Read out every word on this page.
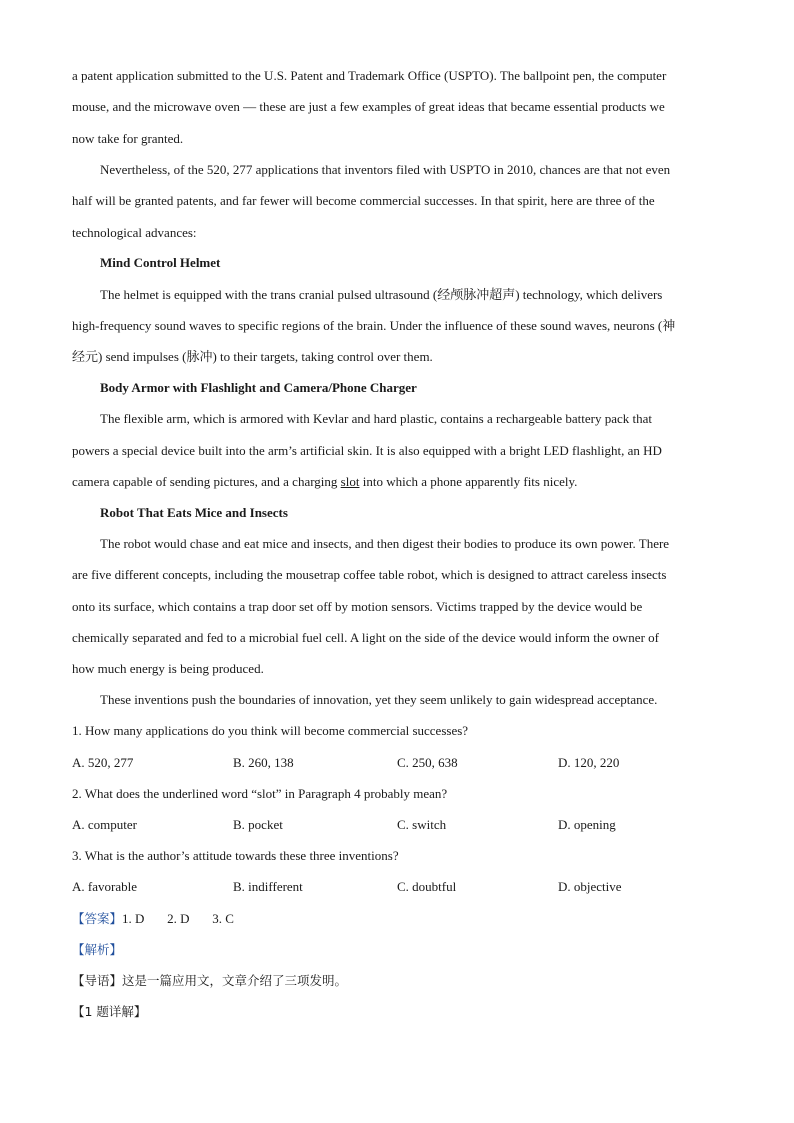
a patent application submitted to the U.S. Patent and Trademark Office (USPTO). The ballpoint pen, the computer
mouse, and the microwave oven — these are just a few examples of great ideas that became essential products we
now take for granted.
Nevertheless, of the 520, 277 applications that inventors filed with USPTO in 2010, chances are that not even
half will be granted patents, and far fewer will become commercial successes. In that spirit, here are three of the
technological advances:
Mind Control Helmet
The helmet is equipped with the trans cranial pulsed ultrasound (经颅脉冲超声) technology, which delivers
high-frequency sound waves to specific regions of the brain. Under the influence of these sound waves, neurons (神
经元) send impulses (脉冲) to their targets, taking control over them.
Body Armor with Flashlight and Camera/Phone Charger
The flexible arm, which is armored with Kevlar and hard plastic, contains a rechargeable battery pack that
powers a special device built into the arm’s artificial skin. It is also equipped with a bright LED flashlight, an HD
camera capable of sending pictures, and a charging slot into which a phone apparently fits nicely.
Robot That Eats Mice and Insects
The robot would chase and eat mice and insects, and then digest their bodies to produce its own power. There
are five different concepts, including the mousetrap coffee table robot, which is designed to attract careless insects
onto its surface, which contains a trap door set off by motion sensors. Victims trapped by the device would be
chemically separated and fed to a microbial fuel cell. A light on the side of the device would inform the owner of
how much energy is being produced.
These inventions push the boundaries of innovation, yet they seem unlikely to gain widespread acceptance.
1. How many applications do you think will become commercial successes?
A. 520, 277	B. 260, 138	C. 250, 638	D. 120, 220
2. What does the underlined word “slot” in Paragraph 4 probably mean?
A. computer	B. pocket	C. switch	D. opening
3. What is the author’s attitude towards these three inventions?
A. favorable	B. indifferent	C. doubtful	D. objective
【答案】1. D       2. D       3. C
【解析】
【导语】这是一篇应用文，文章介绍了三项发明。
【1 题详解】
